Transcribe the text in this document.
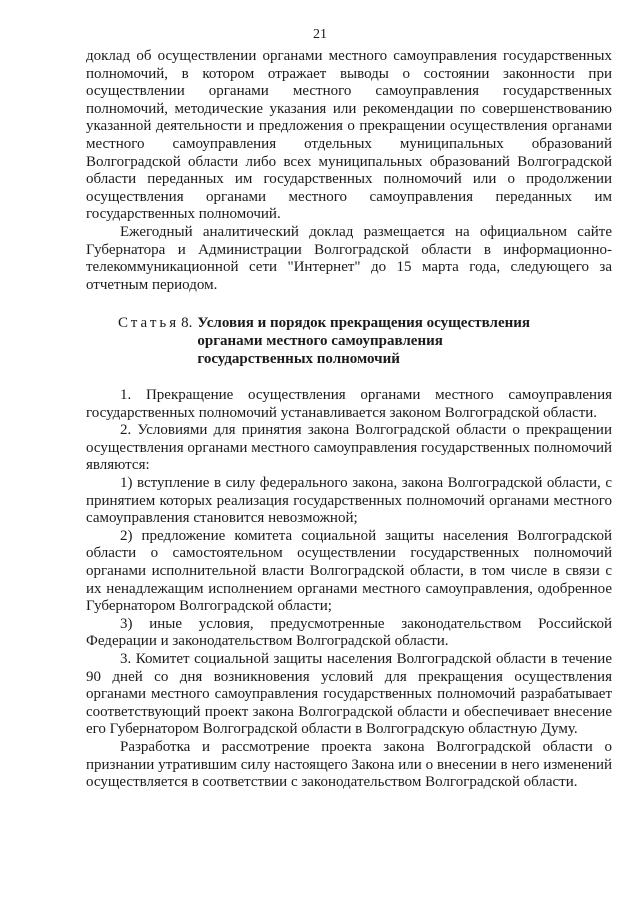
21

доклад об осуществлении органами местного самоуправления государственных полномочий, в котором отражает выводы о состоянии законности при осуществлении органами местного самоуправления государственных полномочий, методические указания или рекомендации по совершенствованию указанной деятельности и предложения о прекращении осуществления органами местного самоуправления отдельных муниципальных образований Волгоградской области либо всех муниципальных образований Волгоградской области переданных им государственных полномочий или о продолжении осуществления органами местного самоуправления переданных им государственных полномочий.

Ежегодный аналитический доклад размещается на официальном сайте Губернатора и Администрации Волгоградской области в информационно-телекоммуникационной сети "Интернет" до 15 марта года, следующего за отчетным периодом.

Статья 8. Условия и порядок прекращения осуществления органами местного самоуправления государственных полномочий

1. Прекращение осуществления органами местного самоуправления государственных полномочий устанавливается законом Волгоградской области.

2. Условиями для принятия закона Волгоградской области о прекращении осуществления органами местного самоуправления государственных полномочий являются:

1) вступление в силу федерального закона, закона Волгоградской области, с принятием которых реализация государственных полномочий органами местного самоуправления становится невозможной;

2) предложение комитета социальной защиты населения Волгоградской области о самостоятельном осуществлении государственных полномочий органами исполнительной власти Волгоградской области, в том числе в связи с их ненадлежащим исполнением органами местного самоуправления, одобренное Губернатором Волгоградской области;

3) иные условия, предусмотренные законодательством Российской Федерации и законодательством Волгоградской области.

3. Комитет социальной защиты населения Волгоградской области в течение 90 дней со дня возникновения условий для прекращения осуществления органами местного самоуправления государственных полномочий разрабатывает соответствующий проект закона Волгоградской области и обеспечивает внесение его Губернатором Волгоградской области в Волгоградскую областную Думу.

Разработка и рассмотрение проекта закона Волгоградской области о признании утратившим силу настоящего Закона или о внесении в него изменений осуществляется в соответствии с законодательством Волгоградской области.
